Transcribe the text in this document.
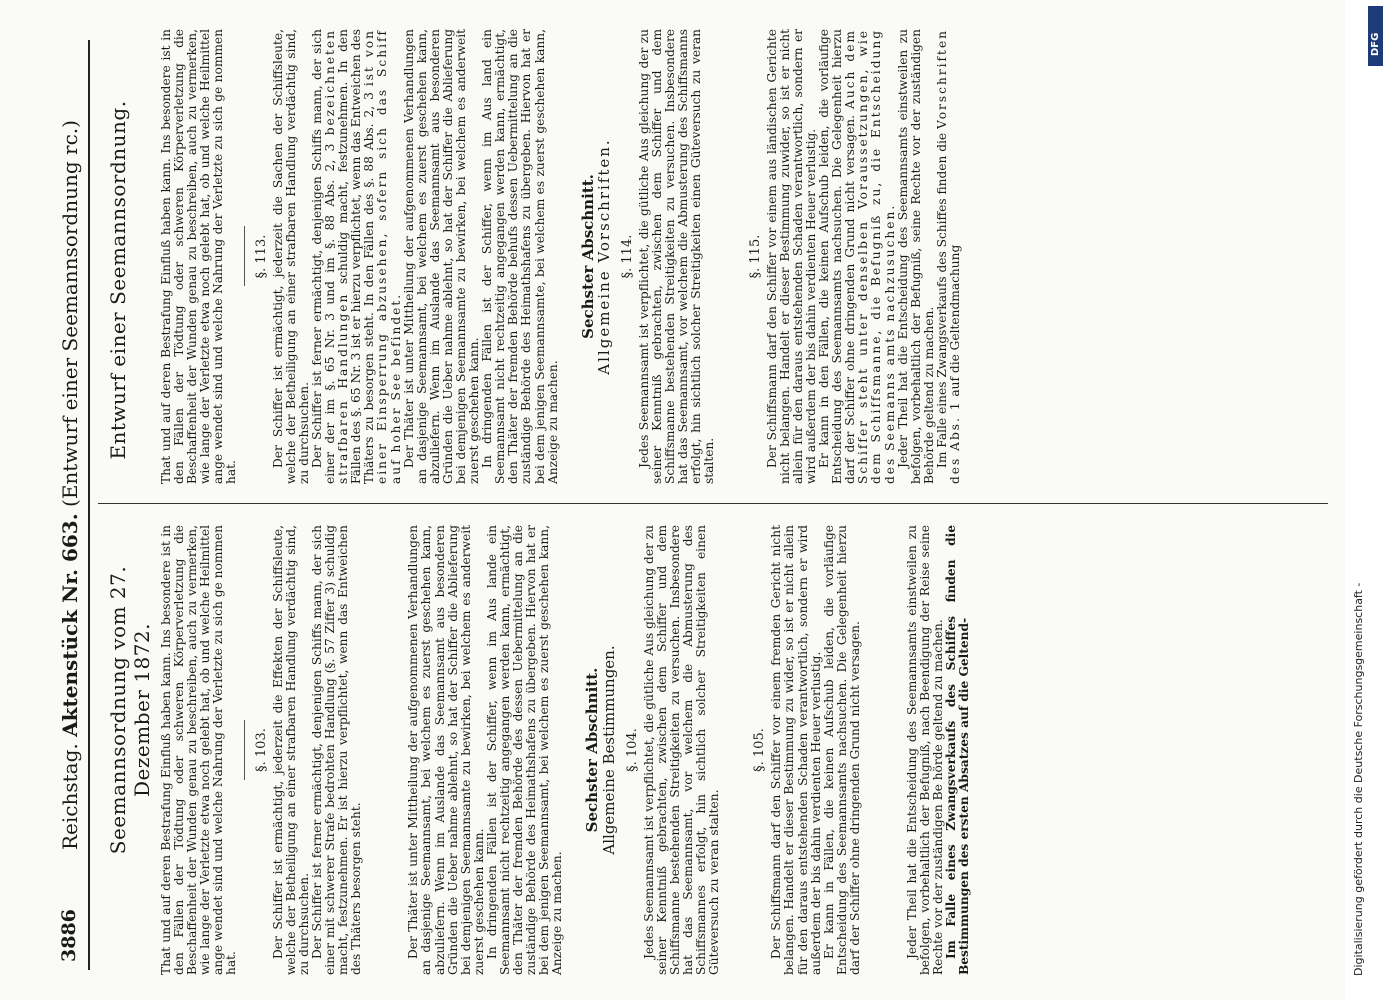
3886
Reichstag. Aktenstück Nr. 663. (Entwurf einer Seemannsordnung rc.)
Seemannsordnung vom 27. Dezember 1872.
Entwurf einer Seemannsordnung.

That und auf deren Bestrafung Einfluß haben kann. Ins besondere ist in den Fällen der Tödtung oder schweren Körperverletzung die Beschaffenheit der Wunden genau zu beschreiben, auch zu vermerken, wie lange der Verletzte etwa noch gelebt hat, ob und welche Heilmittel ange wendet sind und welche Nahrung der Verletzte zu sich ge nommen hat.

§. 103. Der Schiffer ist ermächtigt, jederzeit die Effekten der Schiffsleute, welche der Betheiligung an einer strafbaren Handlung verdächtig sind, zu durchsuchen. Der Schiffer ist ferner ermächtigt, denjenigen Schiffs mann, der sich einer mit schwerer Strafe bedrohten Handlung (§. 57 Ziffer 3) schuldig macht, festzunehmen. Er ist hierzu verpflichtet, wenn das Entweichen des Thäters besorgen steht.	Der Thäter ist unter Mittheilung der aufgenommenen Verhandlungen an dasjenige Seemannsamt, bei welchem es zuerst geschehen kann, abzuliefern. Wenn im Auslande das Seemannsamt aus besonderen Gründen die Ueber nahme ablehnt, so hat der Schiffer die Ablieferung bei demjenigen Seemannsamte zu bewirken, bei welchem es anderweit zuerst geschehen kann. In dringenden Fällen ist der Schiffer, wenn im Aus lande ein Seemannsamt nicht rechtzeitig angegangen werden kann, ermächtigt, den Thäter der fremden Behörde des dessen Uebermittelung an die zuständige Behörde des Heimathshafens zu übergeben. Hiervon hat er bei dem jenigen Seemannsamt, bei welchem es zuerst geschehen kann, Anzeige zu machen.

Sechster Abschnitt.
Allgemeine Bestimmungen. §. 104. Jedes Seemannsamt ist verpflichtet, die gütliche Aus gleichung der zu seiner Kenntniß gebrachten, zwischen dem Schiffer und dem Schiffsmanne bestehenden Streitigkeiten zu versuchen. Insbesondere hat das Seemannsamt, vor welchem die Abmusterung des Schiffsmannes erfolgt, hin sichtlich solcher Streitigkeiten einen Güteversuch zu veran stalten.

§. 105. Der Schiffsmann darf den Schiffer vor einem fremden Gericht nicht belangen. Handelt er dieser Bestimmung zu wider, so ist er nicht allein für den daraus entstehenden Schaden verantwortlich, sondern er wird außerdem der bis dahin verdienten Heuer verlustig. Er kann in Fällen, die keinen Aufschub leiden, die vorläufige Entscheidung des Seemannsamts nachsuchen. Die Gelegenheit hierzu darf der Schiffer ohne dringenden Grund nicht versagen.	Jeder Theil hat die Entscheidung des Seemannsamts einstweilen zu befolgen, vorbehaltlich der Befugniß, nach Beendigung der Reise seine Rechte vor der zuständigen Be hörde geltend zu machen. Im Falle eines Zwangsverkaufs des Schiffes finden die Bestimmungen des ersten Absatzes auf die Geltend-

That und auf deren Bestrafung Einfluß haben kann. Ins besondere ist in den Fällen der Tödtung oder schweren Körperverletzung die Beschaffenheit der Wunden genau zu beschreiben, auch zu vermerken, wie lange der Verletzte etwa noch gelebt hat, ob und welche Heilmittel ange wendet sind und welche Nahrung der Verletzte zu sich ge nommen hat.

§. 113. Der Schiffer ist ermächtigt, jederzeit die Sachen der Schiffsleute, welche der Betheiligung an einer strafbaren Handlung verdächtig sind, zu durchsuchen. Der Schiffer ist ferner ermächtigt, denjenigen Schiffs mann, der sich einer der im §. 65 Nr. 3 und im §. 88 Abs. 2, 3 bezeichneten strafbaren Handlungen schuldig macht, festzunehmen. In den Fällen des §. 65 Nr. 3 ist er hierzu verpflichtet, wenn das Entweichen des Thäters zu besorgen steht. In den Fällen des §. 88 Abs. 2, 3 ist von einer Einsperrung abzusehen, sofern sich das Schiff auf hoher See befindet. Der Thäter ist unter Mittheilung der aufgenommenen Verhandlungen an dasjenige Seemannsamt, bei welchem es zuerst geschehen kann, abzuliefern. Wenn im Auslande das Seemannsamt aus besonderen Gründen die Ueber nahme ablehnt, so hat der Schiffer die Ablieferung bei demjenigen Seemannsamte zu bewirken, bei welchem es anderweit zuerst geschehen kann. In dringenden Fällen ist der Schiffer, wenn im Aus land ein Seemannsamt nicht rechtzeitig angegangen werden kann, ermächtigt, den Thäter der fremden Behörde behufs dessen Uebermittelung an die zuständige Behörde des Heimathshafens zu übergeben. Hiervon hat er bei dem jenigen Seemannsamte, bei welchem es zuerst geschehen kann, Anzeige zu machen.

Sechster Abschnitt.
Allgemeine Vorschriften. §. 114. Jedes Seemannsamt ist verpflichtet, die gütliche Aus gleichung der zu seiner Kenntniß gebrachten, zwischen dem Schiffer und dem Schiffsmanne bestehenden Streitigkeiten zu versuchen. Insbesondere hat das Seemannsamt, vor welchem die Abmusterung des Schiffsmanns erfolgt, hin sichtlich solcher Streitigkeiten einen Güteversuch zu veran stalten.

§. 115. Der Schiffsmann darf den Schiffer vor einem aus ländischen Gerichte nicht belangen. Handelt er dieser Bestimmung zuwider, so ist er nicht allein für den daraus entstehenden Schaden verantwortlich, sondern er wird außerdem der bis dahin verdienten Heuer verlustig. Er kann in den Fällen, die keinen Aufschub leiden, die vorläufige Entscheidung des Seemannsamts nachsuchen. Die Gelegenheit hierzu darf der Schiffer ohne dringenden Grund nicht versagen. Auch dem Schiffer steht unter denselben Voraussetzungen, wie dem Schiffsmanne, die Befugniß zu, die Entscheidung des Seemanns amts nachzusuchen. Jeder Theil hat die Entscheidung des Seemannsamts einstweilen zu befolgen, vorbehaltlich der Befugniß, seine Rechte vor der zuständigen Behörde geltend zu machen. Im Falle eines Zwangsverkaufs des Schiffes finden die Vorschriften des Abs. 1 auf die Geltendmachung

Digitalisierung gefördert durch die Deutsche Forschungsgemeinschaft -
DFG
